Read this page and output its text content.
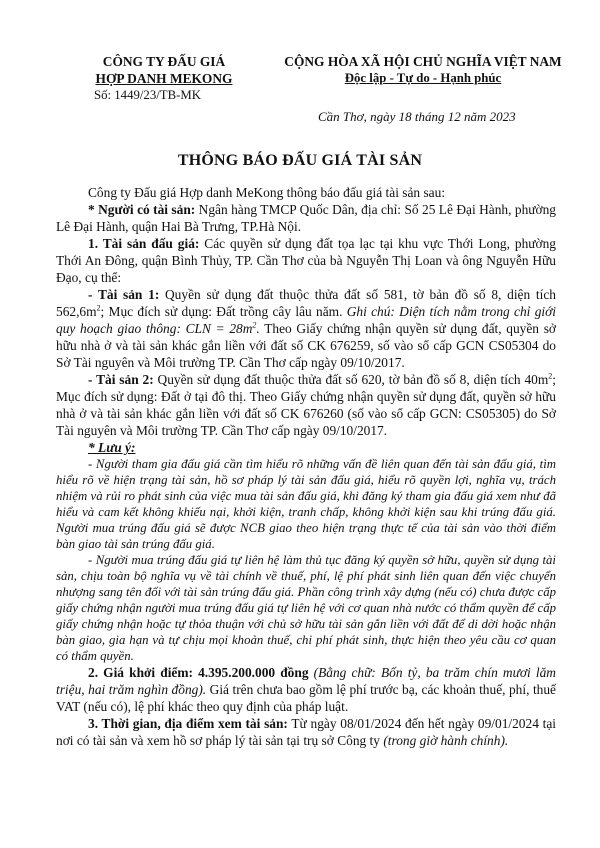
CÔNG TY ĐẤU GIÁ
HỢP DANH MEKONG
Số: 1449/23/TB-MK
CỘNG HÒA XÃ HỘI CHỦ NGHĨA VIỆT NAM
Độc lập - Tự do - Hạnh phúc
Cần Thơ, ngày 18 tháng 12 năm 2023
THÔNG BÁO ĐẤU GIÁ TÀI SẢN

Công ty Đấu giá Hợp danh MeKong thông báo đấu giá tài sản sau:

* Người có tài sản: Ngân hàng TMCP Quốc Dân, địa chỉ: Số 25 Lê Đại Hành, phường Lê Đại Hành, quận Hai Bà Trưng, TP.Hà Nội.

1. Tài sản đấu giá: Các quyền sử dụng đất tọa lạc tại khu vực Thới Long, phường Thới An Đông, quận Bình Thủy, TP. Cần Thơ của bà Nguyễn Thị Loan và ông Nguyễn Hữu Đạo, cụ thể:

- Tài sản 1: Quyền sử dụng đất thuộc thửa đất số 581, tờ bản đồ số 8, diện tích $562,6m^2$; Mục đích sử dụng: Đất trồng cây lâu năm. Ghi chú: Diện tích nằm trong chỉ giới quy hoạch giao thông: CLN = $28m^2$. Theo Giấy chứng nhận quyền sử dụng đất, quyền sở hữu nhà ở và tài sản khác gắn liền với đất số CK 676259, số vào sổ cấp GCN CS05304 do Sở Tài nguyên và Môi trường TP. Cần Thơ cấp ngày 09/10/2017.

- Tài sản 2: Quyền sử dụng đất thuộc thửa đất số 620, tờ bản đồ số 8, diện tích $40m^2$; Mục đích sử dụng: Đất ở tại đô thị. Theo Giấy chứng nhận quyền sử dụng đất, quyền sở hữu nhà ở và tài sản khác gắn liền với đất số CK 676260 (số vào sổ cấp GCN: CS05305) do Sở Tài nguyên và Môi trường TP. Cần Thơ cấp ngày 09/10/2017.

* Lưu ý:

- Người tham gia đấu giá cần tìm hiểu rõ những vấn đề liên quan đến tài sản đấu giá, tìm hiểu rõ về hiện trạng tài sản, hồ sơ pháp lý tài sản đấu giá, hiểu rõ quyền lợi, nghĩa vụ, trách nhiệm và rủi ro phát sinh của việc mua tài sản đấu giá, khi đăng ký tham gia đấu giá xem như đã hiểu và cam kết không khiếu nại, khởi kiện, tranh chấp, không khởi kiện sau khi trúng đấu giá. Người mua trúng đấu giá sẽ được NCB giao theo hiện trạng thực tế của tài sản vào thời điểm bàn giao tài sản trúng đấu giá.

- Người mua trúng đấu giá tự liên hệ làm thủ tục đăng ký quyền sở hữu, quyền sử dụng tài sản, chịu toàn bộ nghĩa vụ về tài chính về thuế, phí, lệ phí phát sinh liên quan đến việc chuyển nhượng sang tên đối với tài sản trúng đấu giá. Phần công trình xây dựng (nếu có) chưa được cấp giấy chứng nhận người mua trúng đấu giá tự liên hệ với cơ quan nhà nước có thẩm quyền để cấp giấy chứng nhận hoặc tự thỏa thuận với chủ sở hữu tài sản gắn liền với đất để di dời hoặc nhận bàn giao, gia hạn và tự chịu mọi khoản thuế, chi phí phát sinh, thực hiện theo yêu cầu cơ quan có thẩm quyền.

2. Giá khởi điểm: 4.395.200.000 đồng (Bằng chữ: Bốn tỷ, ba trăm chín mươi lăm triệu, hai trăm nghìn đồng). Giá trên chưa bao gồm lệ phí trước bạ, các khoản thuế, phí, thuế VAT (nếu có), lệ phí khác theo quy định của pháp luật.

3. Thời gian, địa điểm xem tài sản: Từ ngày 08/01/2024 đến hết ngày 09/01/2024 tại nơi có tài sản và xem hồ sơ pháp lý tài sản tại trụ sở Công ty (trong giờ hành chính).
